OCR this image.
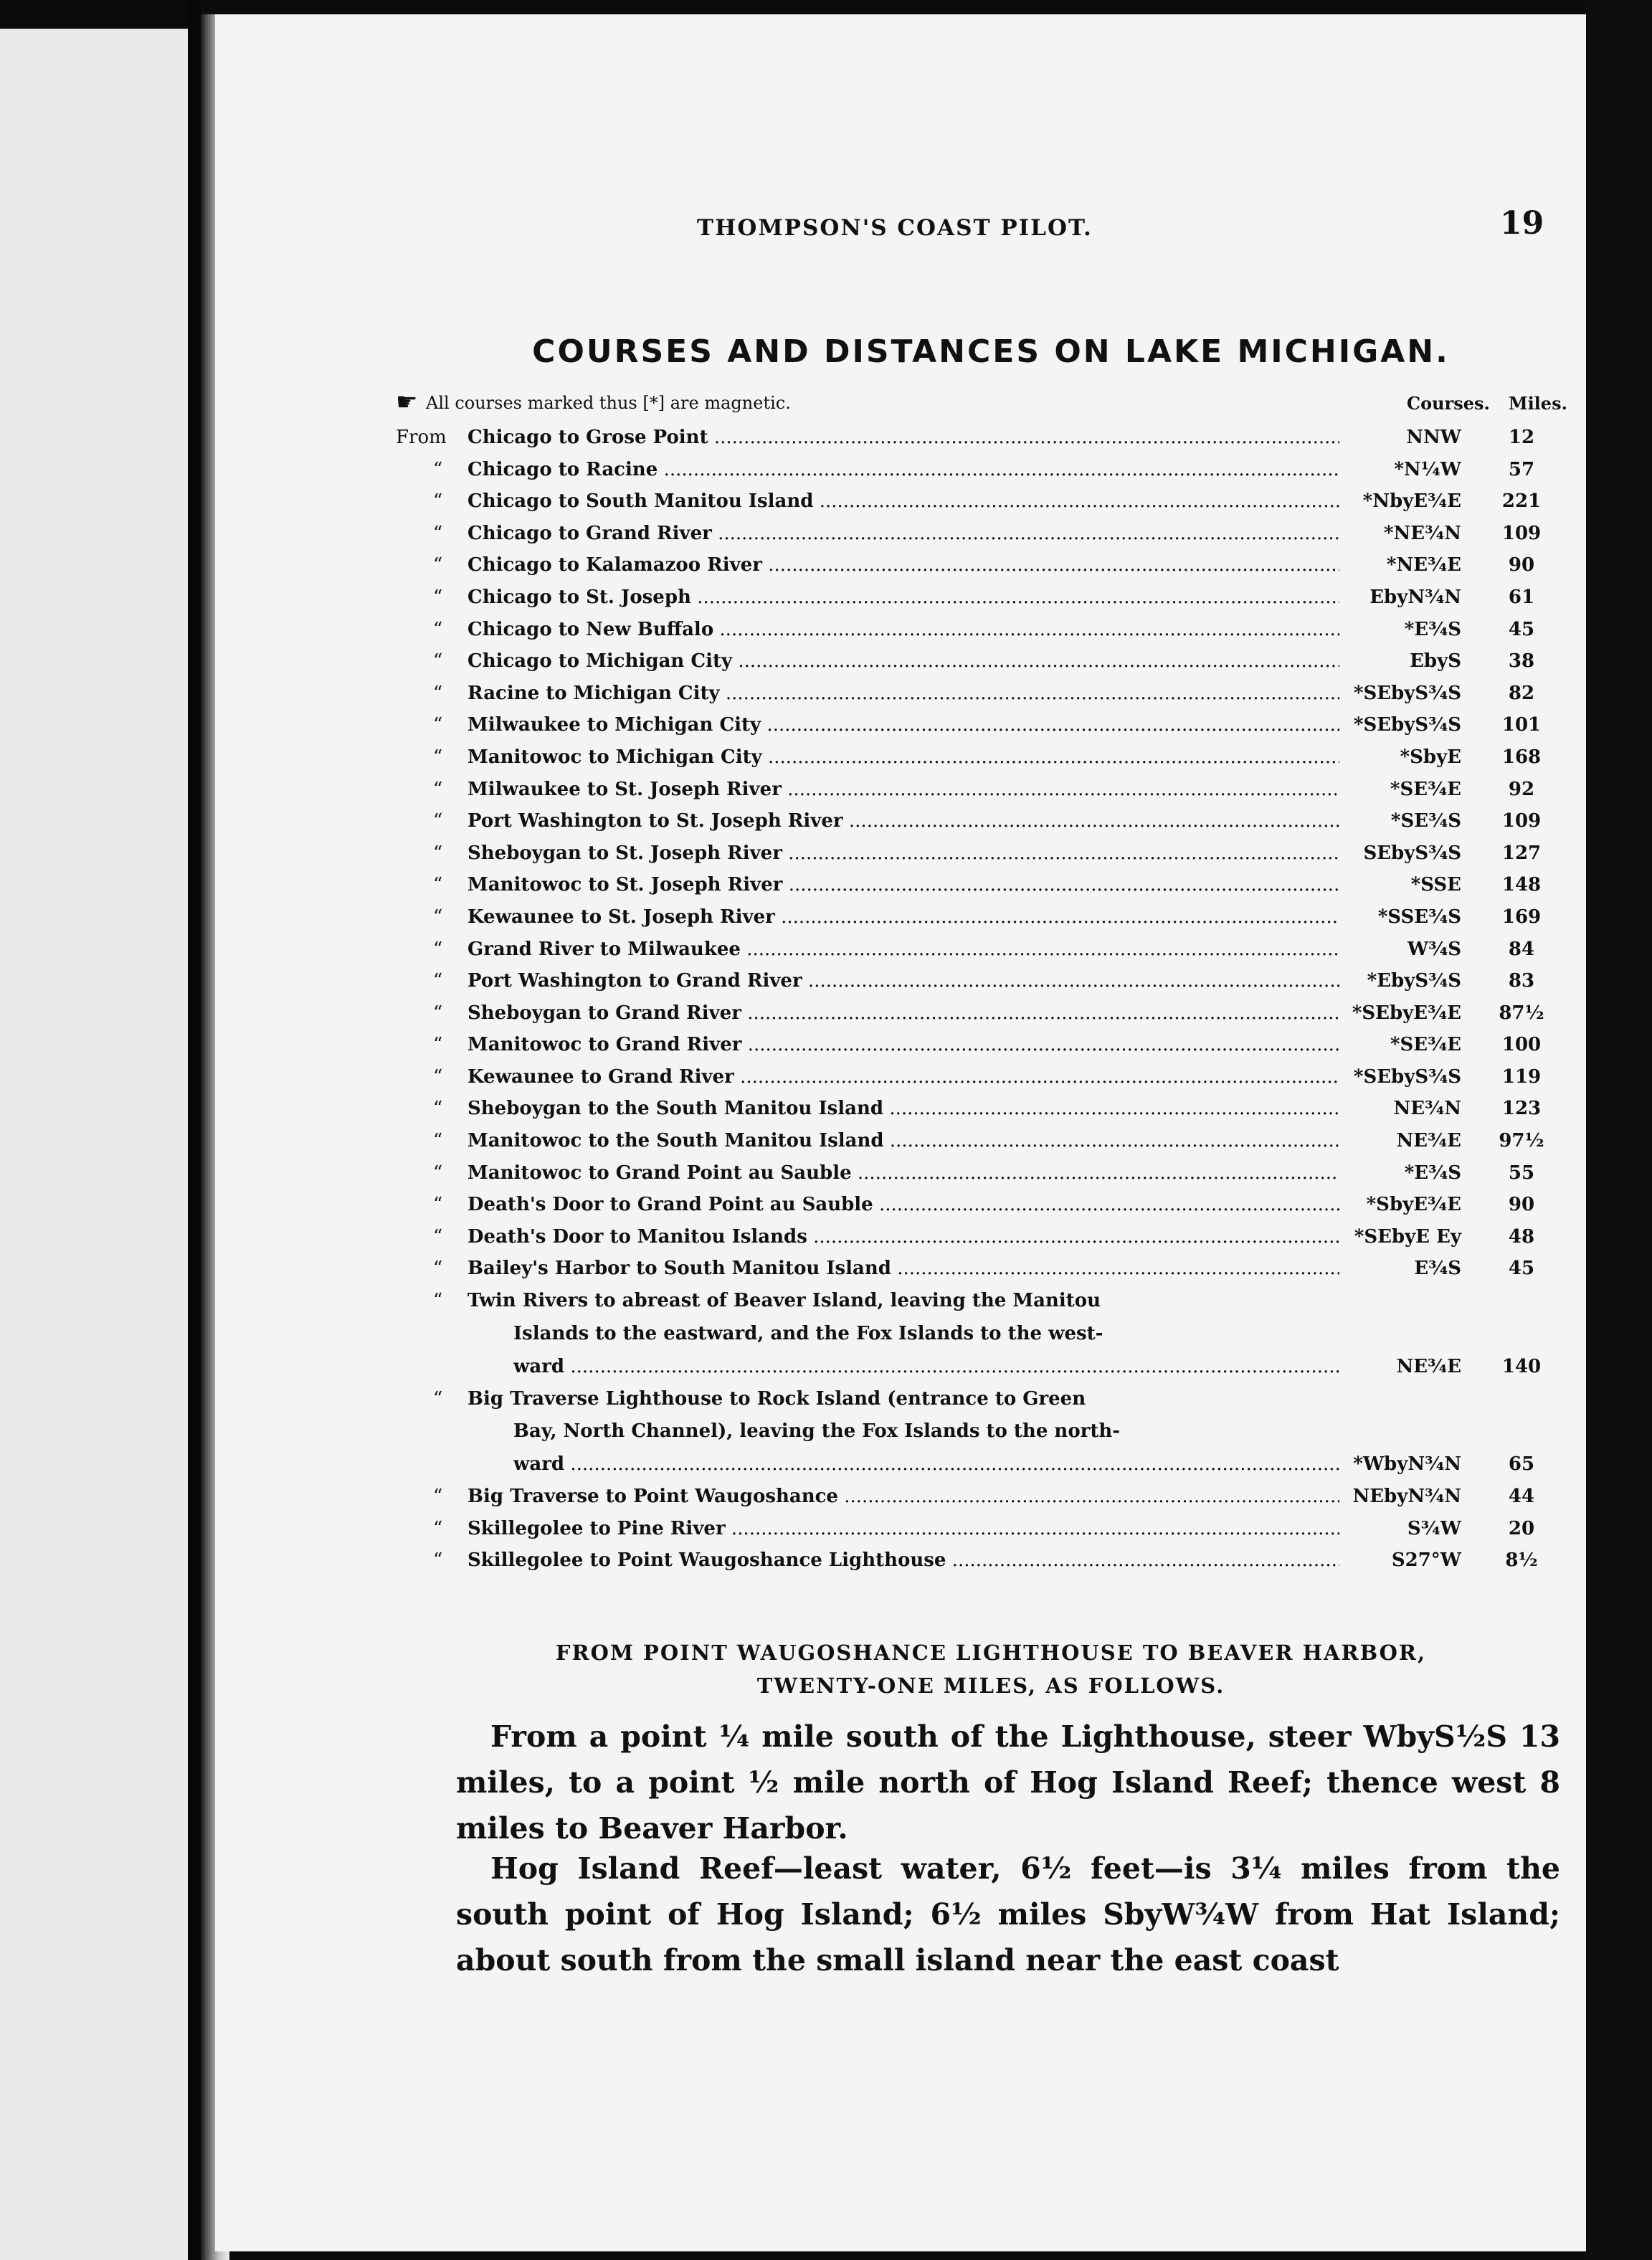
THOMPSON'S COAST PILOT.	19
COURSES AND DISTANCES ON LAKE MICHIGAN.
☛ All courses marked thus [*] are magnetic.	Courses. Miles.
From Chicago to Grose Point .....	NNW	12
“ Chicago to Racine .....	*N¼W	57
“ Chicago to South Manitou Island .....	*NbyE¾E	221
“ Chicago to Grand River .....	*NE¾N	109
“ Chicago to Kalamazoo River .....	*NE¾E	90
“ Chicago to St. Joseph .....	EbyN¾N	61
“ Chicago to New Buffalo .....	*E¾S	45
“ Chicago to Michigan City .....	EbyS	38
“ Racine to Michigan City .....	*SEbyS¾S	82
“ Milwaukee to Michigan City .....	*SEbyS¾S	101
“ Manitowoc to Michigan City .....	*SbyE	168
“ Milwaukee to St. Joseph River .....	*SE¾E	92
“ Port Washington to St. Joseph River .....	*SE¾S	109
“ Sheboygan to St. Joseph River .....	SEbyS¾S	127
“ Manitowoc to St. Joseph River .....	*SSE	148
“ Kewaunee to St. Joseph River .....	*SSE¾S	169
“ Grand River to Milwaukee .....	W¾S	84
“ Port Washington to Grand River .....	*EbyS¾S	83
“ Sheboygan to Grand River .....	*SEbyE¾E	87½
“ Manitowoc to Grand River .....	*SE¾E	100
“ Kewaunee to Grand River .....	*SEbyS¾S	119
“ Sheboygan to the South Manitou Island .....	NE¾N	123
“ Manitowoc to the South Manitou Island .....	NE¾E	97½
“ Manitowoc to Grand Point au Sauble .....	*E¾S	55
“ Death's Door to Grand Point au Sauble .....	*SbyE¾E	90
“ Death's Door to Manitou Islands .....	*SEbyE Ey	48
“ Bailey's Harbor to South Manitou Island .....	E¾S	45
“ Twin Rivers to abreast of Beaver Island, leaving the Manitou
Islands to the eastward, and the Fox Islands to the west-
ward .....	NE¾E	140
“ Big Traverse Lighthouse to Rock Island (entrance to Green
Bay, North Channel), leaving the Fox Islands to the north-
ward .....	*WbyN¾N	65
“ Big Traverse to Point Waugoshance .....	NEbyN¾N	44
“ Skillegolee to Pine River .....	S¾W	20
“ Skillegolee to Point Waugoshance Lighthouse .....	S27°W	8½
FROM POINT WAUGOSHANCE LIGHTHOUSE TO BEAVER HARBOR,
TWENTY-ONE MILES, AS FOLLOWS.
From a point ¼ mile south of the Lighthouse, steer WbyS½S 13 miles, to a point ½ mile north of Hog Island Reef; thence west 8 miles to Beaver Harbor.
Hog Island Reef—least water, 6½ feet—is 3¼ miles from the south point of Hog Island; 6½ miles SbyW¾W from Hat Island; about south from the small island near the east coast
